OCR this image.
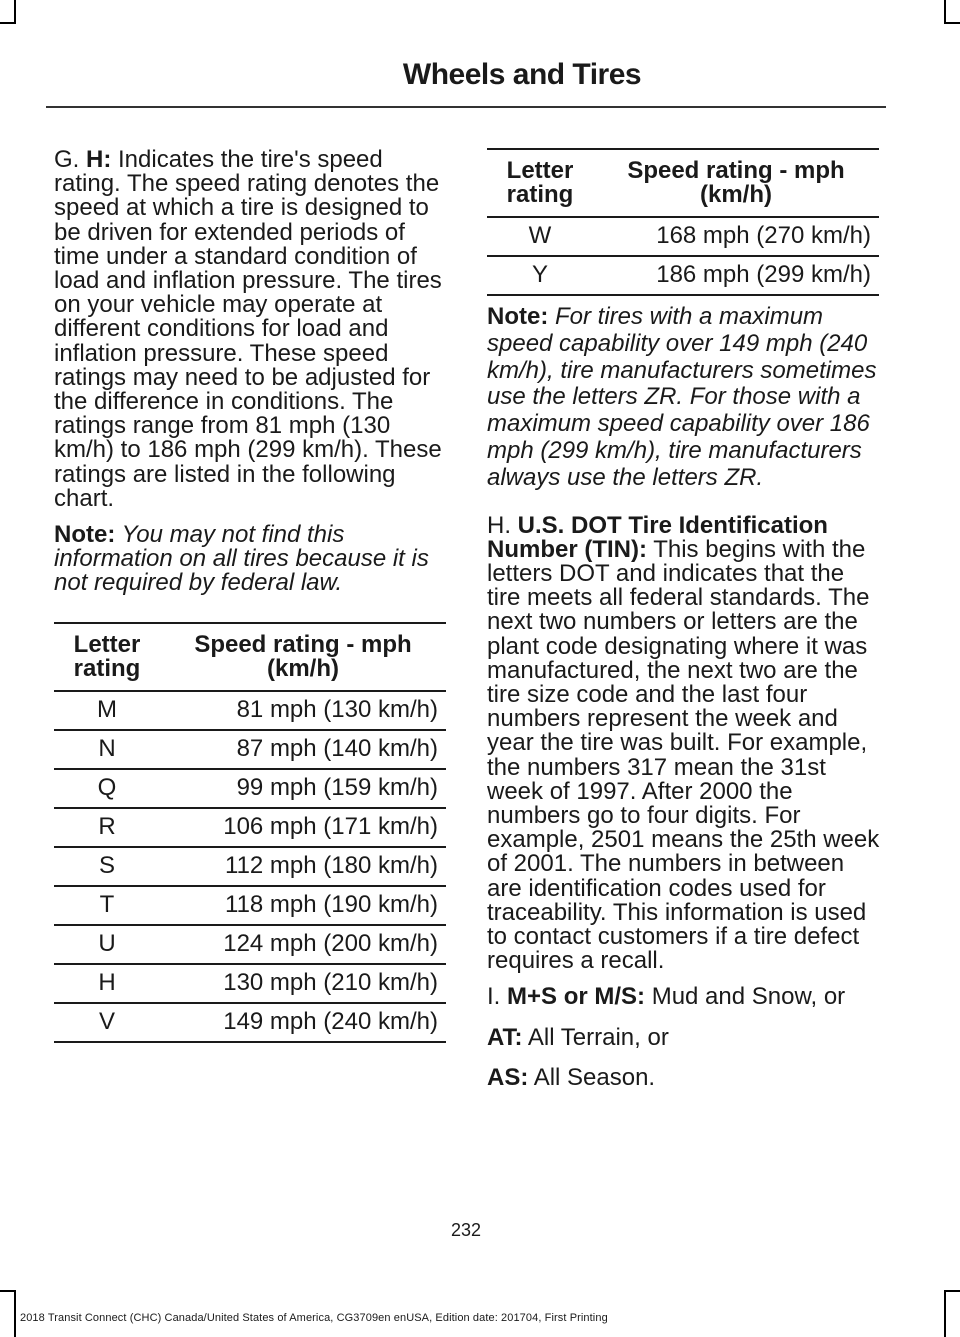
Wheels and Tires

G. H: Indicates the tire's speed rating. The speed rating denotes the speed at which a tire is designed to be driven for extended periods of time under a standard condition of load and inflation pressure. The tires on your vehicle may operate at different conditions for load and inflation pressure. These speed ratings may need to be adjusted for the difference in conditions. The ratings range from 81 mph (130 km/h) to 186 mph (299 km/h). These ratings are listed in the following chart.

Note: You may not find this information on all tires because it is not required by federal law.

Letter rating	Speed rating - mph (km/h)
M	81 mph (130 km/h)
N	87 mph (140 km/h)
Q	99 mph (159 km/h)
R	106 mph (171 km/h)
S	112 mph (180 km/h)
T	118 mph (190 km/h)
U	124 mph (200 km/h)
H	130 mph (210 km/h)
V	149 mph (240 km/h)
Letter rating	Speed rating - mph (km/h)
W	168 mph (270 km/h)
Y	186 mph (299 km/h)

Note: For tires with a maximum speed capability over 149 mph (240 km/h), tire manufacturers sometimes use the letters ZR. For those with a maximum speed capability over 186 mph (299 km/h), tire manufacturers always use the letters ZR.

H. U.S. DOT Tire Identification Number (TIN): This begins with the letters DOT and indicates that the tire meets all federal standards. The next two numbers or letters are the plant code designating where it was manufactured, the next two are the tire size code and the last four numbers represent the week and year the tire was built. For example, the numbers 317 mean the 31st week of 1997. After 2000 the numbers go to four digits. For example, 2501 means the 25th week of 2001. The numbers in between are identification codes used for traceability. This information is used to contact customers if a tire defect requires a recall.

I. M+S or M/S: Mud and Snow, or

AT: All Terrain, or

AS: All Season.

232
2018 Transit Connect (CHC) Canada/United States of America, CG3709en enUSA, Edition date: 201704, First Printing
